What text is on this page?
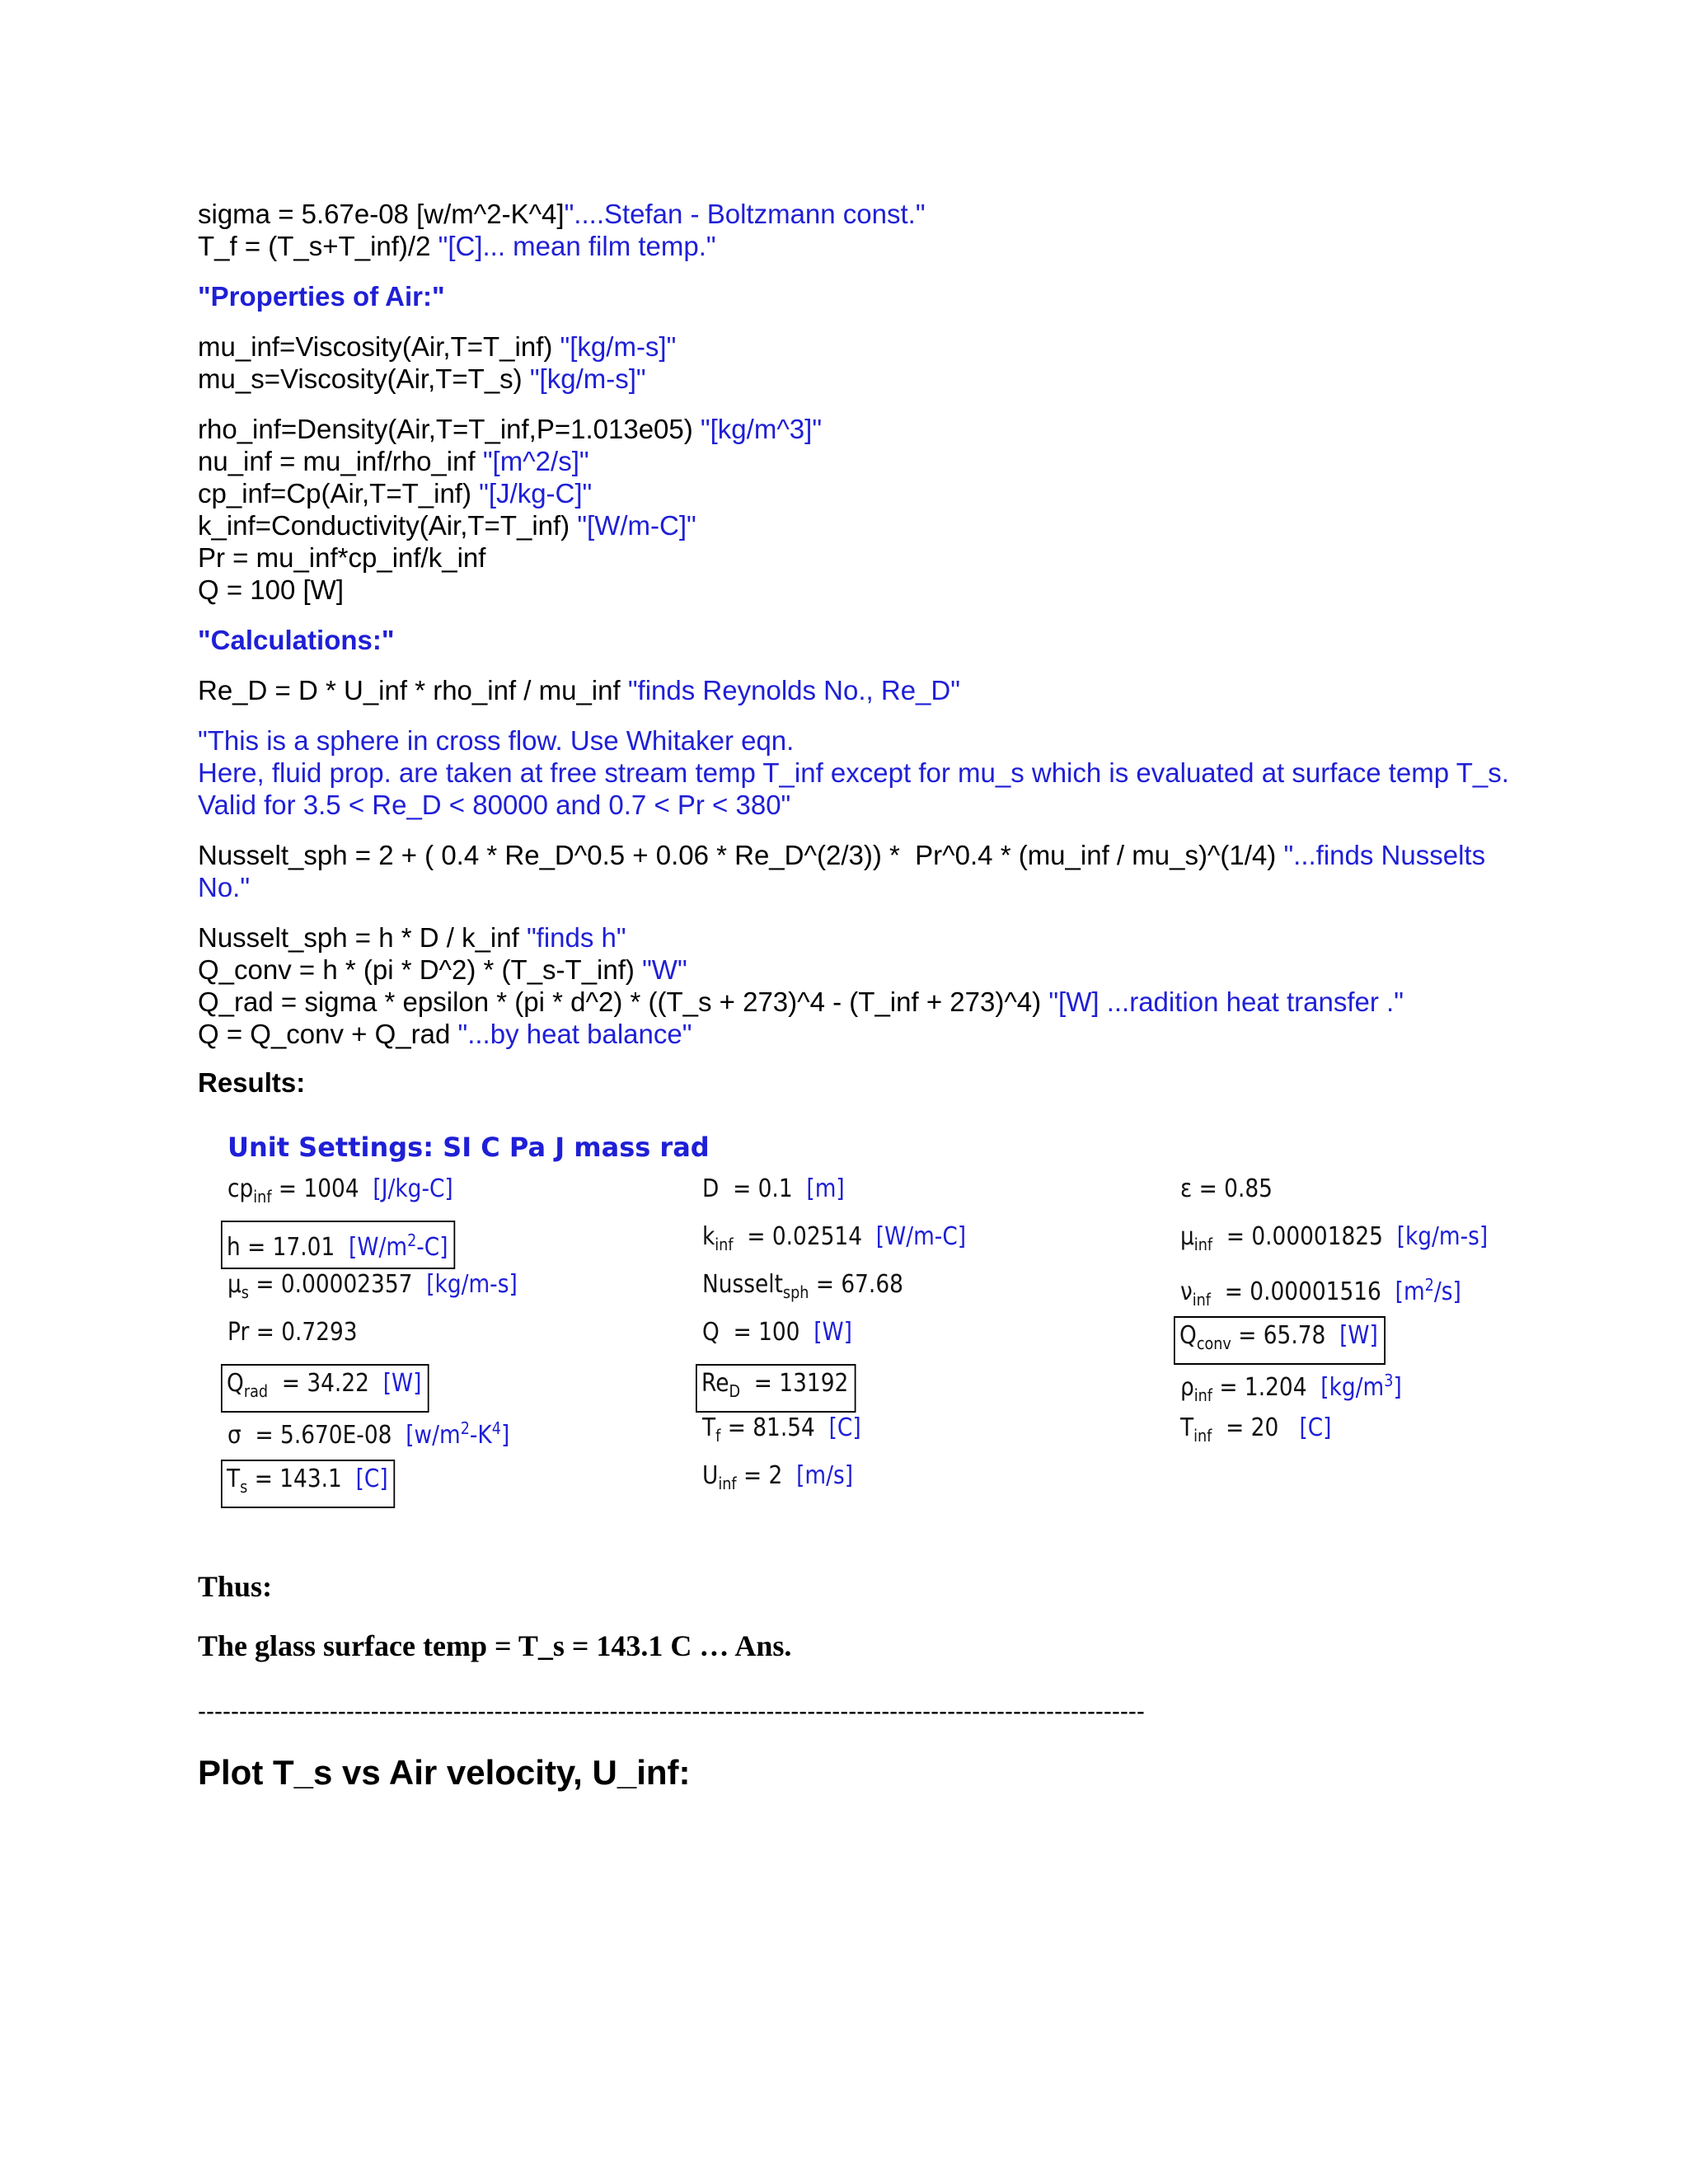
sigma = 5.67e-08 [w/m^2-K^4]"....Stefan - Boltzmann const."
T_f = (T_s+T_inf)/2 "[C]... mean film temp."
"Properties of Air:"
mu_inf=Viscosity(Air,T=T_inf) "[kg/m-s]"
mu_s=Viscosity(Air,T=T_s) "[kg/m-s]"
rho_inf=Density(Air,T=T_inf,P=1.013e05) "[kg/m^3]"
nu_inf = mu_inf/rho_inf "[m^2/s]"
cp_inf=Cp(Air,T=T_inf) "[J/kg-C]"
k_inf=Conductivity(Air,T=T_inf) "[W/m-C]"
Pr = mu_inf*cp_inf/k_inf
Q = 100 [W]
"Calculations:"
Re_D = D * U_inf * rho_inf / mu_inf "finds Reynolds No., Re_D"
"This is a sphere in cross flow. Use Whitaker eqn.
Here, fluid prop. are taken at free stream temp T_inf except for mu_s which is evaluated at surface temp T_s.
Valid for 3.5 < Re_D < 80000 and 0.7 < Pr < 380"
Nusselt_sph = 2 + ( 0.4 * Re_D^0.5 + 0.06 * Re_D^(2/3)) *  Pr^0.4 * (mu_inf / mu_s)^(1/4) "...finds Nusselts No."
Nusselt_sph = h * D / k_inf "finds h"
Q_conv = h * (pi * D^2) * (T_s-T_inf) "W"
Q_rad = sigma * epsilon * (pi * d^2) * ((T_s + 273)^4 - (T_inf + 273)^4) "[W] ...radition heat transfer ."
Q = Q_conv + Q_rad "...by heat balance"
Results:
Unit Settings: SI C Pa J mass rad
$cp_{inf} = 1004$  [J/kg-C]
h = 17.01  $[W/m^2-C]$
$\mu_s = 0.00002357$  [kg/m-s]
Pr = 0.7293
$Q_{rad} = 34.22$  [W]
σ  = 5.670E-08  $[w/m^2-K^4]$
$T_s = 143.1$  [C]
D  = 0.1  [m]
$k_{inf} = 0.02514$  [W/m-C]
Nusselt$_{sph}$ = 67.68
Q  = 100  [W]
$Re_D = 13192$
$T_f = 81.54$  [C]
$U_{inf} = 2$  [m/s]
ε = 0.85
$\mu_{inf} = 0.00001825$  [kg/m-s]
$\nu_{inf} = 0.00001516$  $[m^2/s]$
$Q_{conv} = 65.78$  [W]
$\rho_{inf} = 1.204$  $[kg/m^3]$
$T_{inf} = 20$   [C]
Thus:
The glass surface temp = T_s = 143.1 C … Ans.
-------------------------------------------------------------------------------------------------------------------
Plot T_s vs Air velocity, U_inf:
